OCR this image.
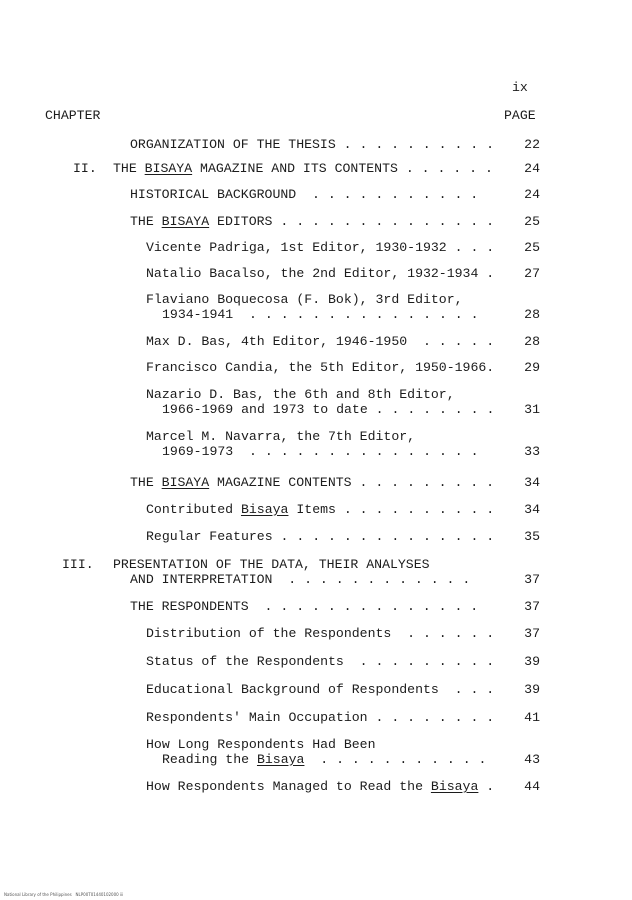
ix
CHAPTER	PAGE
ORGANIZATION OF THE THESIS . . . . . . . . . .	22
II. THE BISAYA MAGAZINE AND ITS CONTENTS . . . . . .	24
HISTORICAL BACKGROUND  . . . . . . . . . . .	24
THE BISAYA EDITORS . . . . . . . . . . . . . .	25
Vicente Padriga, 1st Editor, 1930-1932 . . .	25
Natalio Bacalso, the 2nd Editor, 1932-1934 .	27
Flaviano Boquecosa (F. Bok), 3rd Editor,
1934-1941  . . . . . . . . . . . . . . .	28
Max D. Bas, 4th Editor, 1946-1950  . . . . .	28
Francisco Candia, the 5th Editor, 1950-1966.	29
Nazario D. Bas, the 6th and 8th Editor,
1966-1969 and 1973 to date . . . . . . . .	31
Marcel M. Navarra, the 7th Editor,
1969-1973  . . . . . . . . . . . . . . .	33
THE BISAYA MAGAZINE CONTENTS . . . . . . . . .	34
Contributed Bisaya Items . . . . . . . . . .	34
Regular Features . . . . . . . . . . . . . .	35
III. PRESENTATION OF THE DATA, THEIR ANALYSES
AND INTERPRETATION  . . . . . . . . . . . .	37
THE RESPONDENTS  . . . . . . . . . . . . . .	37
Distribution of the Respondents  . . . . . .	37
Status of the Respondents  . . . . . . . . .	39
Educational Background of Respondents  . . .	39
Respondents' Main Occupation . . . . . . . .	41
How Long Respondents Had Been
Reading the Bisaya  . . . . . . . . . . .	43
How Respondents Managed to Read the Bisaya .	44
National Library of the Philippines   NLP00T01440102000 iii
